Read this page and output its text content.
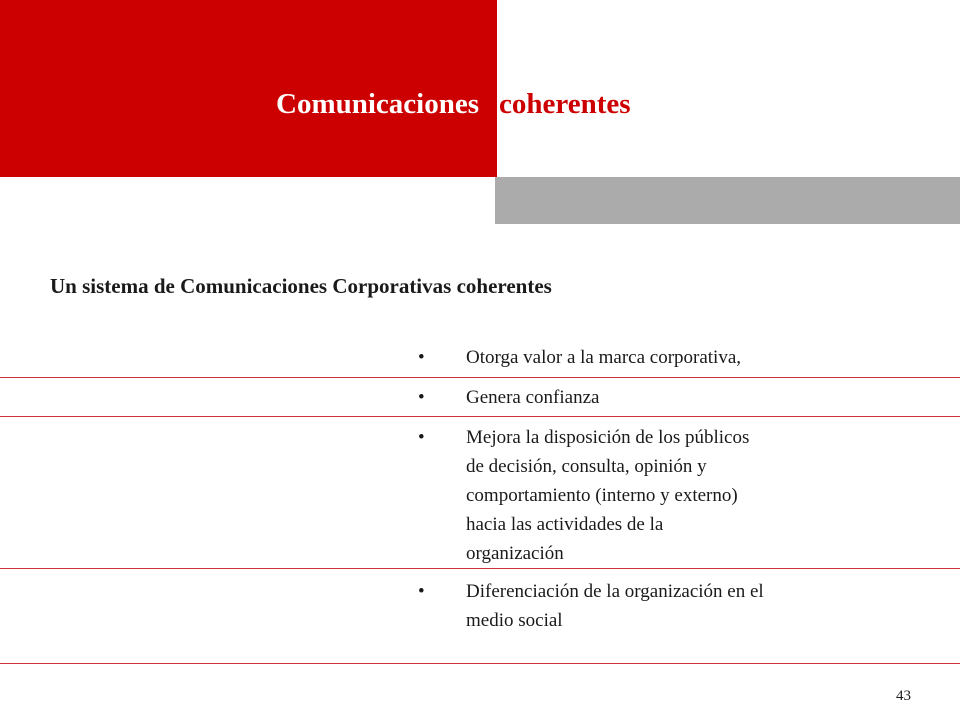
Comunicaciones coherentes
Un sistema de Comunicaciones Corporativas coherentes
• Otorga valor a la marca corporativa,
• Genera confianza
• Mejora la disposición de los públicos
de decisión, consulta, opinión y
comportamiento (interno y externo)
hacia las actividades de la
organización
• Diferenciación de la organización en el
medio social
43
